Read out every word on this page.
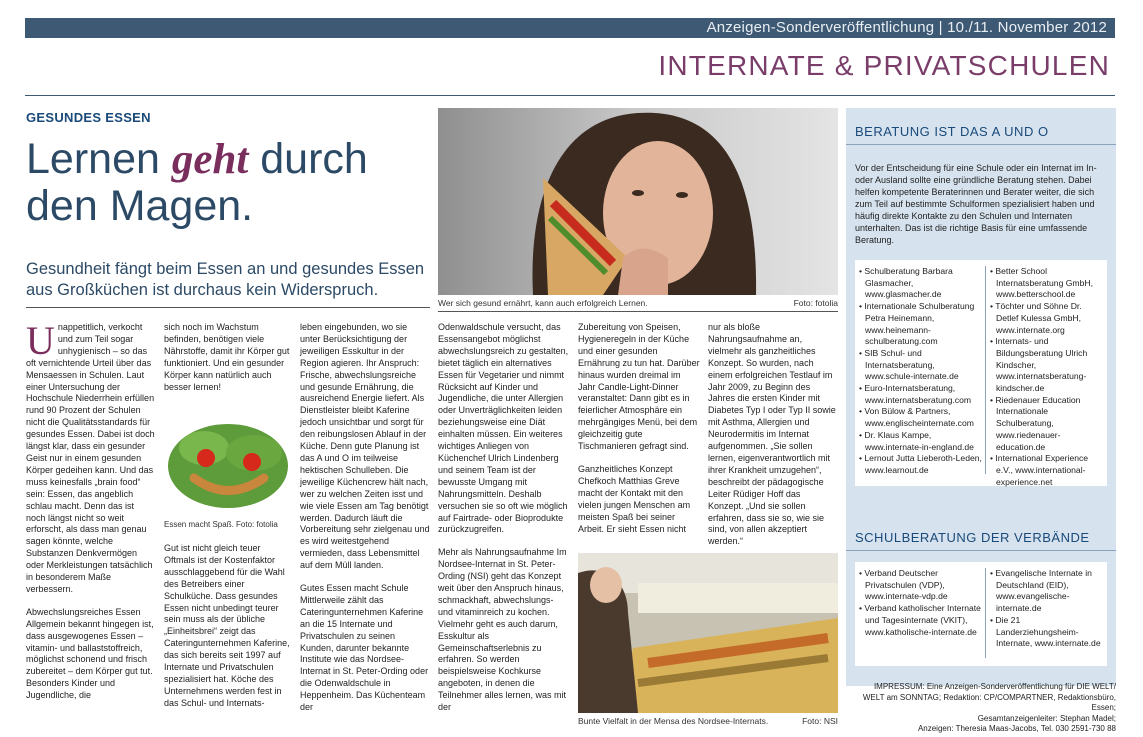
Anzeigen-Sonderveröffentlichung | 10./11. November 2012
INTERNATE & PRIVATSCHULEN
GESUNDES ESSEN
Lernen geht durch
den Magen.
Gesundheit fängt beim Essen an und gesundes Essen aus Großküchen ist durchaus kein Widerspruch.
Wer sich gesund ernährt, kann auch erfolgreich Lernen.	Foto: fotolia

Unappetitlich, verkocht und zum Teil sogar unhygienisch – so das oft vernichtende Urteil über das Mensaessen in Schulen. Laut einer Untersuchung der Hochschule Niederrhein erfüllen rund 90 Prozent der Schulen nicht die Qualitätsstandards für gesundes Essen. Dabei ist doch längst klar, dass ein gesunder Geist nur in einem gesunden Körper gedeihen kann. Und das muss keinesfalls „brain food“ sein: Essen, das angeblich schlau macht. Denn das ist noch längst nicht so weit erforscht, als dass man genau sagen könnte, welche Substanzen Denkvermögen oder Merkleistungen tatsächlich in besonderem Maße verbessern.

Abwechslungsreiches Essen Allgemein bekannt hingegen ist, dass ausgewogenes Essen – vitamin- und ballaststoffreich, möglichst schonend und frisch zubereitet – dem Körper gut tut. Besonders Kinder und Jugendliche, die

sich noch im Wachstum befinden, benötigen viele Nährstoffe, damit ihr Körper gut funktioniert. Und ein gesunder Körper kann natürlich auch besser lernen!

Essen macht Spaß. Foto: fotolia

Gut ist nicht gleich teuer Oftmals ist der Kostenfaktor ausschlaggebend für die Wahl des Betreibers einer Schulküche. Dass gesundes Essen nicht unbedingt teurer sein muss als der übliche „Einheitsbrei“ zeigt das Cateringunternehmen Kaferine, das sich bereits seit 1997 auf Internate und Privatschulen spezialisiert hat. Köche des Unternehmens werden fest in das Schul- und Internats-

leben eingebunden, wo sie unter Berücksichtigung der jeweiligen Esskultur in der Region agieren. Ihr Anspruch: Frische, abwechslungsreiche und gesunde Ernährung, die ausreichend Energie liefert. Als Dienstleister bleibt Kaferine jedoch unsichtbar und sorgt für den reibungslosen Ablauf in der Küche. Denn gute Planung ist das A und O im teilweise hektischen Schulleben. Die jeweilige Küchencrew hält nach, wer zu welchen Zeiten isst und wie viele Essen am Tag benötigt werden. Dadurch läuft die Vorbereitung sehr zielgenau und es wird weitestgehend vermieden, dass Lebensmittel auf dem Müll landen.

Gutes Essen macht Schule Mittlerweile zählt das Cateringunternehmen Kaferine an die 15 Internate und Privatschulen zu seinen Kunden, darunter bekannte Institute wie das Nordsee-Internat in St. Peter-Ording oder die Odenwaldschule in Heppenheim. Das Küchenteam der

Odenwaldschule versucht, das Essensangebot möglichst abwechslungsreich zu gestalten, bietet täglich ein alternatives Essen für Vegetarier und nimmt Rücksicht auf Kinder und Jugendliche, die unter Allergien oder Unverträglichkeiten leiden beziehungsweise eine Diät einhalten müssen. Ein weiteres wichtiges Anliegen von Küchenchef Ulrich Lindenberg und seinem Team ist der bewusste Umgang mit Nahrungsmitteln. Deshalb versuchen sie so oft wie möglich auf Fairtrade- oder Bioprodukte zurückzugreifen.

Mehr als Nahrungsaufnahme Im Nordsee-Internat in St. Peter-Ording (NSI) geht das Konzept weit über den Anspruch hinaus, schmackhaft, abwechslungs- und vitaminreich zu kochen. Vielmehr geht es auch darum, Esskultur als Gemeinschaftserlebnis zu erfahren. So werden beispielsweise Kochkurse angeboten, in denen die Teilnehmer alles lernen, was mit der

Zubereitung von Speisen, Hygieneregeln in der Küche und einer gesunden Ernährung zu tun hat. Darüber hinaus wurden dreimal im Jahr Candle-Light-Dinner veranstaltet: Dann gibt es in feierlicher Atmosphäre ein mehrgängiges Menü, bei dem gleichzeitig gute Tischmanieren gefragt sind.

Ganzheitliches Konzept Chefkoch Matthias Greve macht der Kontakt mit den vielen jungen Menschen am meisten Spaß bei seiner Arbeit. Er sieht Essen nicht

nur als bloße Nahrungsaufnahme an, vielmehr als ganzheitliches Konzept. So wurden, nach einem erfolgreichen Testlauf im Jahr 2009, zu Beginn des Jahres die ersten Kinder mit Diabetes Typ I oder Typ II sowie mit Asthma, Allergien und Neurodermitis im Internat aufgenommen. „Sie sollen lernen, eigenverantwortlich mit ihrer Krankheit umzugehen“, beschreibt der pädagogische Leiter Rüdiger Hoff das Konzept. „Und sie sollen erfahren, dass sie so, wie sie sind, von allen akzeptiert werden.“

Bunte Vielfalt in der Mensa des Nordsee-Internats.	Foto: NSI
BERATUNG IST DAS A UND O
Vor der Entscheidung für eine Schule oder ein Internat im In- oder Ausland sollte eine gründliche Beratung stehen. Dabei helfen kompetente Beraterinnen und Berater weiter, die sich zum Teil auf bestimmte Schulformen spezialisiert haben und häufig direkte Kontakte zu den Schulen und Internaten unterhalten. Das ist die richtige Basis für eine umfassende Beratung.
• Schulberatung Barbara Glasmacher, www.glasmacher.de
• Internationale Schulberatung Petra Heinemann, www.heinemann-schulberatung.com
• SIB Schul- und Internatsberatung, www.schule-internate.de
• Euro-Internatsberatung, www.internatsberatung.com
• Von Bülow & Partners, www.englischeinternate.com
• Dr. Klaus Kampe, www.internate-in-england.de
• Lernout Jutta Lieberoth-Leden, www.learnout.de
• Better School Internatsberatung GmbH, www.betterschool.de
• Töchter und Söhne Dr. Detlef Kulessa GmbH, www.internate.org
• Internats- und Bildungsberatung Ulrich Kindscher, www.internatsberatung-kindscher.de
• Riedenauer Education Internationale Schulberatung, www.riedenauer-education.de
• International Experience e.V., www.international-experience.net
SCHULBERATUNG DER VERBÄNDE
• Verband Deutscher Privatschulen (VDP), www.internate-vdp.de
• Verband katholischer Internate und Tagesinternate (VKIT), www.katholische-internate.de
• Evangelische Internate in Deutschland (EID), www.evangelische-internate.de
• Die 21 Landerziehungsheim-Internate, www.internate.de
IMPRESSUM: Eine Anzeigen-Sonderveröffentlichung für DIE WELT/
WELT am SONNTAG; Redaktion: CP/COMPARTNER, Redaktionsbüro, Essen;
Gesamtanzeigenleiter: Stephan Madel;
Anzeigen: Theresia Maas-Jacobs, Tel. 030 2591-730 88
